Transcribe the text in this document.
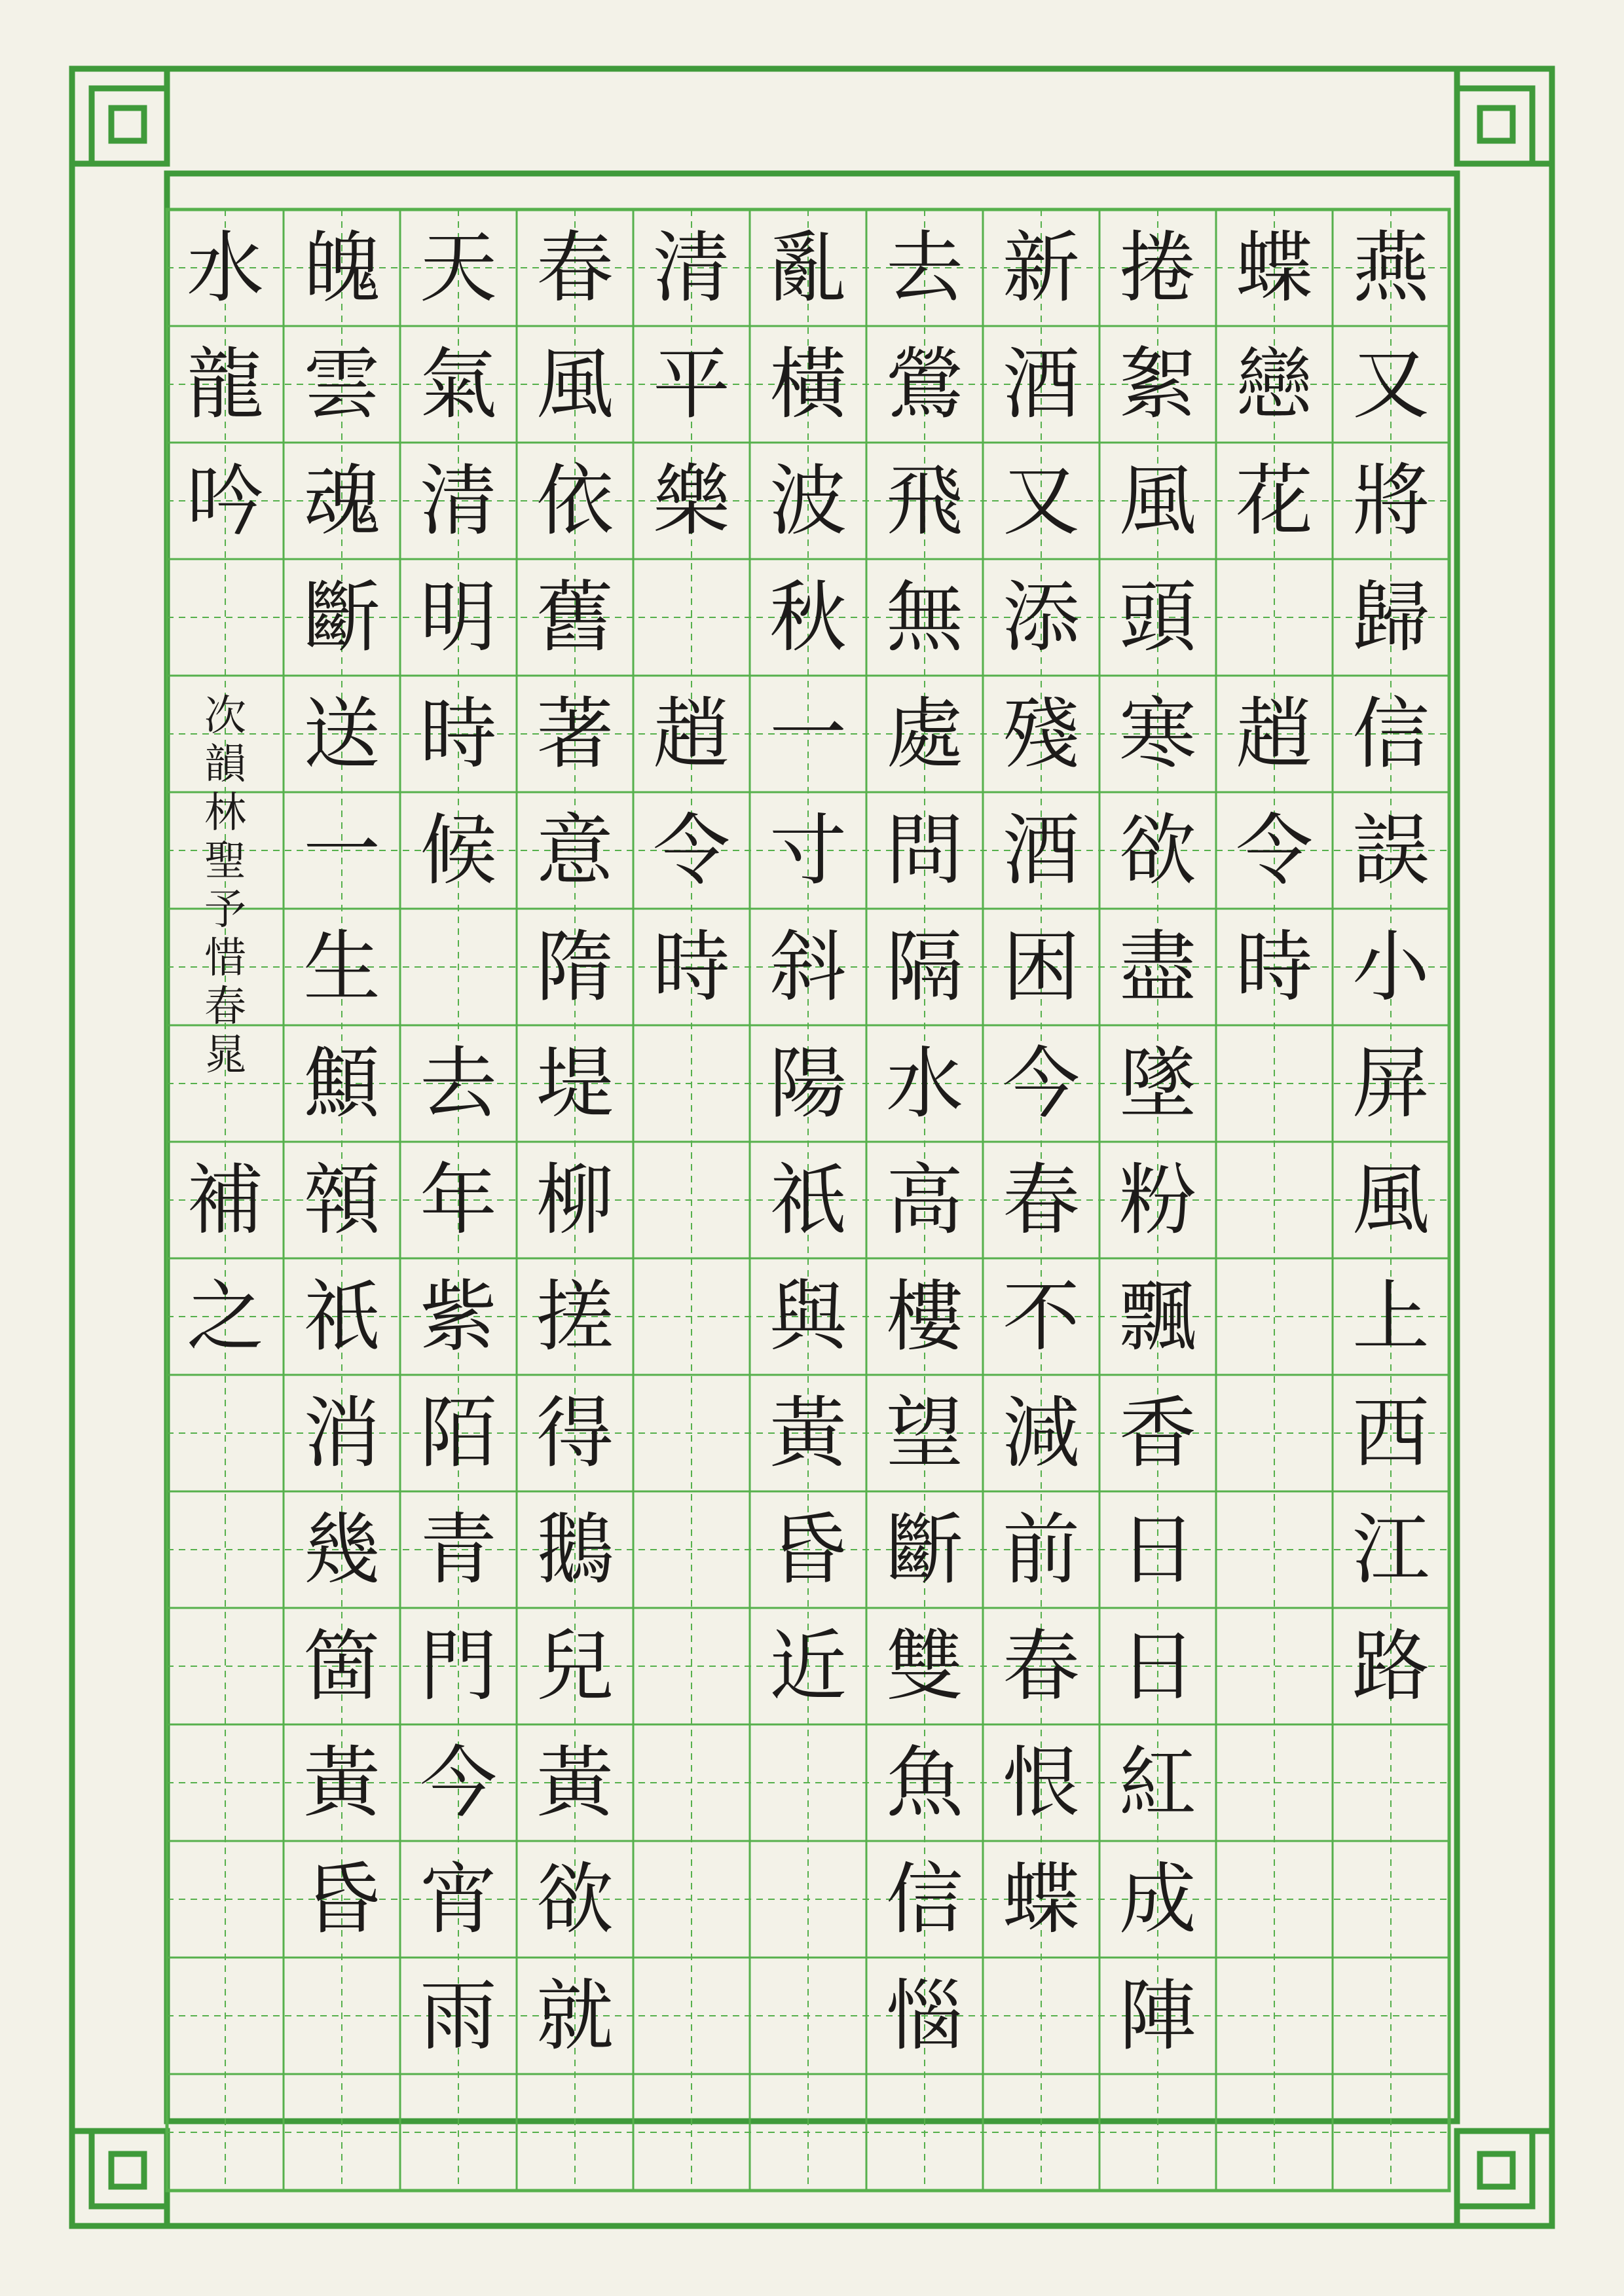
燕
又
將
歸
信
誤
小
屏
風
上
西
江
路
蝶
戀
花
趙
令
時
捲
絮
風
頭
寒
欲
盡
墜
粉
飄
香
日
日
紅
成
陣
新
酒
又
添
殘
酒
困
今
春
不
減
前
春
恨
蝶
去
鶯
飛
無
處
問
隔
水
高
樓
望
斷
雙
魚
信
惱
亂
橫
波
秋
一
寸
斜
陽
祇
與
黃
昏
近
清
平
樂
趙
令
時
春
風
依
舊
著
意
隋
堤
柳
搓
得
鵝
兒
黃
欲
就
天
氣
清
明
時
候
去
年
紫
陌
青
門
今
宵
雨
魄
雲
魂
斷
送
一
生
顦
顇
祇
消
幾
箇
黃
昏
水
龍
吟
次
韻
林
聖
予
惜
春
晁
補
之
